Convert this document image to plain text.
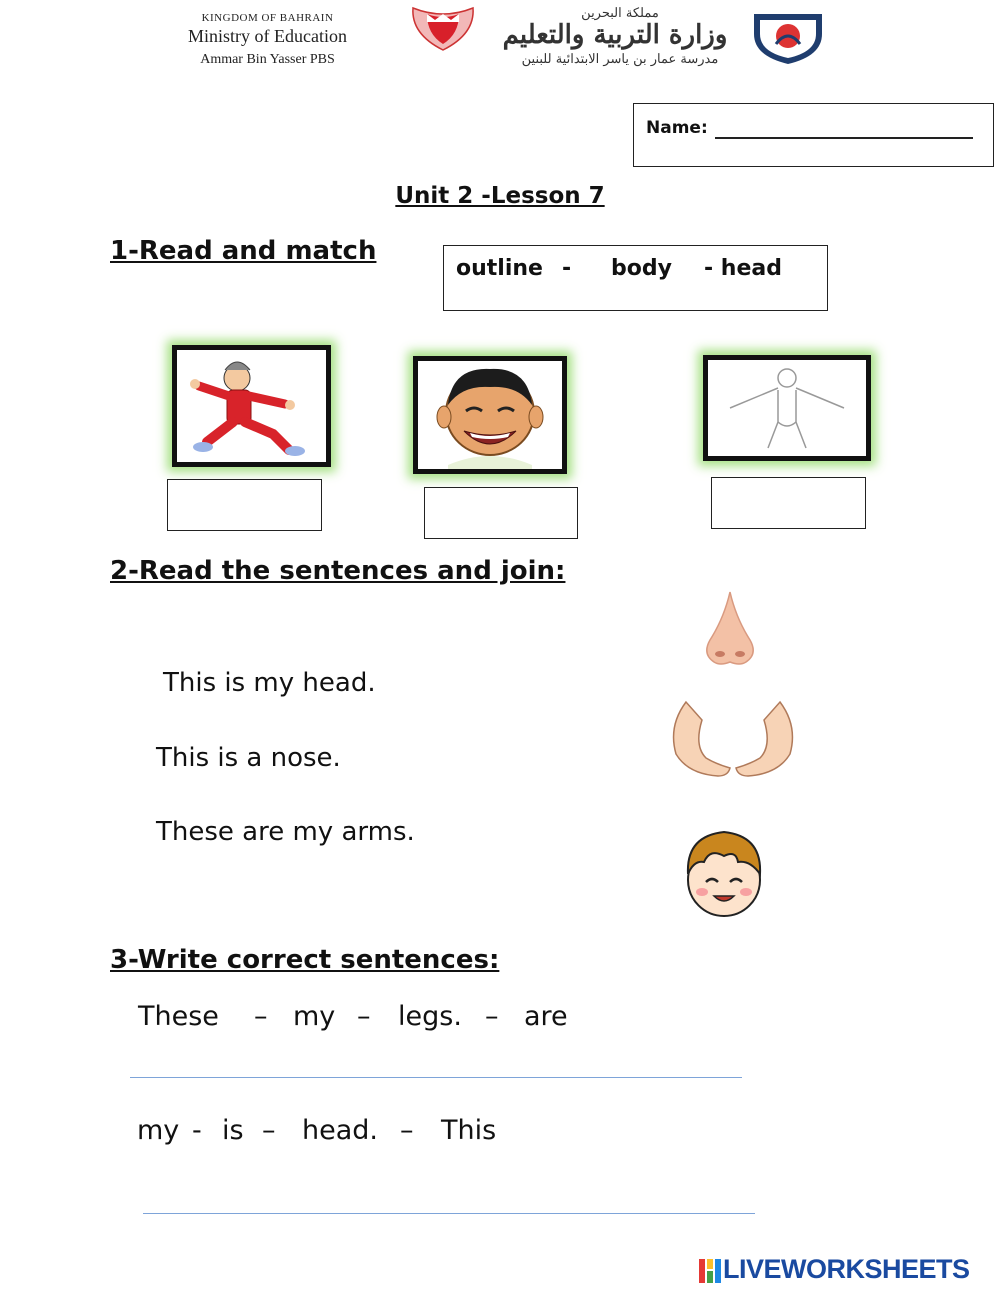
KINGDOM OF BAHRAIN
Ministry of Education
Ammar Bin Yasser PBS
مملكة البحرين
وزارة التربية والتعليم
مدرسة عمار بن ياسر الابتدائية للبنين
Name:
Unit 2 -Lesson 7
1-Read and match
outline - body - head
2-Read the sentences and join:
This is my head.
This is a nose.
These are my arms.
3-Write correct sentences:
These – my – legs. – are
my - is – head. – This
LIVEWORKSHEETS
